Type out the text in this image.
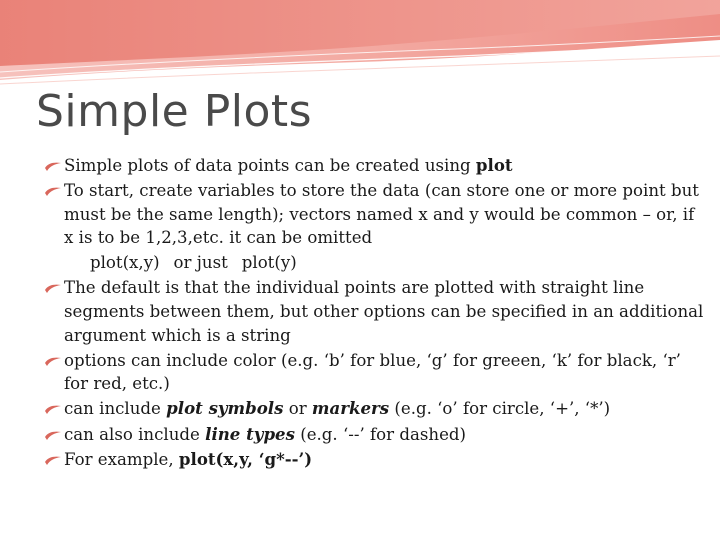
Simple Plots
Simple plots of data points can be created using plot
To start, create variables to store the data (can store one or more point but must be the same length); vectors named x and y would be common – or, if x is to be 1,2,3,etc. it can be omitted
plot(x,y) or just plot(y)
The default is that the individual points are plotted with straight line segments between them, but other options can be specified in an additional argument which is a string
options can include color (e.g. ‘b’ for blue, ‘g’ for greeen, ‘k’ for black, ‘r’ for red, etc.)
can include plot symbols or markers (e.g. ‘o’ for circle, ‘+’, ‘*’)
can also include line types (e.g. ‘--’ for dashed)
For example, plot(x,y, ‘g*--’)
